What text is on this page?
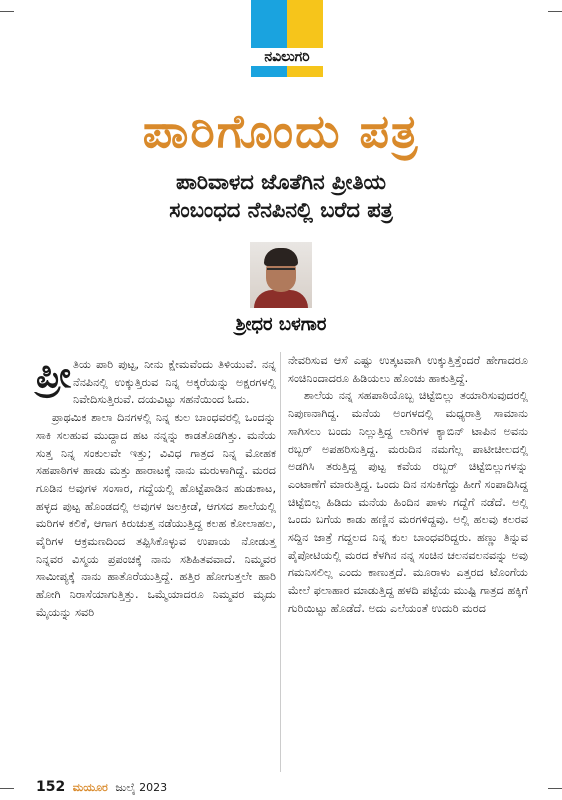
ನವಿಲುಗರಿ
ಪಾರಿಗೊಂದು ಪತ್ರ
ಪಾರಿವಾಳದ ಜೊತೆಗಿನ ಪ್ರೀತಿಯ
ಸಂಬಂಧದ ನೆನಪಿನಲ್ಲಿ ಬರೆದ ಪತ್ರ
ಶ್ರೀಧರ ಬಳಗಾರ

ಪ್ರೀ ತಿಯ ಪಾರಿ ಪುಟ್ಟ, ನೀನು ಕ್ಷೇಮವೆಂದು ತಿಳಿಯುವೆ. ನನ್ನ ನೆನಪಿನಲ್ಲಿ ಉಕ್ಕುತ್ತಿರುವ ನಿನ್ನ ಅಕ್ಕರೆಯನ್ನು ಅಕ್ಷರಗಳಲ್ಲಿ ನಿವೇದಿಸುತ್ತಿರುವೆ. ದಯವಿಟ್ಟು ಸಹನೆಯಿಂದ ಓದು.

ಪ್ರಾಥಮಿಕ ಶಾಲಾ ದಿನಗಳಲ್ಲಿ ನಿನ್ನ ಕುಲ ಬಾಂಧವರಲ್ಲಿ ಒಂದನ್ನು ಸಾಕಿ ಸಲಹುವ ಮುದ್ದಾದ ಹಟ ನನ್ನನ್ನು ಕಾಡತೊಡಗಿತ್ತು. ಮನೆಯ ಸುತ್ತ ನಿನ್ನ ಸಂಕುಲವೇ ಇತ್ತು; ವಿವಿಧ ಗಾತ್ರದ ನಿನ್ನ ಮೋಹಕ ಸಹಪಾಠಿಗಳ ಹಾಡು ಮತ್ತು ಹಾರಾಟಕ್ಕೆ ನಾನು ಮರುಳಾಗಿದ್ದೆ. ಮರದ ಗೂಡಿನ ಅವುಗಳ ಸಂಸಾರ, ಗದ್ದೆಯಲ್ಲಿ ಹೊಟ್ಟೆಪಾಡಿನ ಹುಡುಕಾಟ, ಹಳ್ಳದ ಪುಟ್ಟ ಹೊಂಡದಲ್ಲಿ ಅವುಗಳ ಜಲಕ್ರೀಡೆ, ಆಗಸದ ಶಾಲೆಯಲ್ಲಿ ಮರಿಗಳ ಕಲಿಕೆ, ಆಗಾಗ ಕಿರುಚುತ್ತ ನಡೆಯುತ್ತಿದ್ದ ಕಲಹ ಕೋಲಾಹಲ, ವೈರಿಗಳ ಆಕ್ರಮಣದಿಂದ ತಪ್ಪಿಸಿಕೊಳ್ಳುವ ಉಪಾಯ ನೋಡುತ್ತ ನಿನ್ನವರ ವಿಸ್ಮಯ ಪ್ರಪಂಚಕ್ಕೆ ನಾನು ಸಶಿಹಿತವವಾದೆ. ನಿಮ್ಮವರ ಸಾಮೀಪ್ಯಕ್ಕೆ ನಾನು ಹಾತೊರೆಯುತ್ತಿದ್ದೆ. ಹತ್ತಿರ ಹೋಗುತ್ತಲೇ ಹಾರಿ ಹೋಗಿ ನಿರಾಸೆಯಾಗುತ್ತಿತ್ತು. ಒಮ್ಮೆಯಾದರೂ ನಿಮ್ಮವರ ಮೃದು ಮೈಯನ್ನು ಸವರಿ

ನೇವರಿಸುವ ಆಸೆ ಎಷ್ಟು ಉತ್ಕಟವಾಗಿ ಉಕ್ಕುತ್ತಿತ್ತೆಂದರೆ ಹೇಗಾದರೂ ಸಂಚಿನಿಂದಾದರೂ ಹಿಡಿಯಲು ಹೊಂಚು ಹಾಕುತ್ತಿದ್ದೆ.

ಶಾಲೆಯ ನನ್ನ ಸಹಪಾಠಿಯೊಬ್ಬ ಚಿಟ್ಟೆಬಿಲ್ಲು ತಯಾರಿಸುವುದರಲ್ಲಿ ನಿಪುಣನಾಗಿದ್ದ. ಮನೆಯ ಅಂಗಳದಲ್ಲಿ ಮಧ್ಯರಾತ್ರಿ ಸಾಮಾನು ಸಾಗಿಸಲು ಬಂದು ನಿಲ್ಲುತ್ತಿದ್ದ ಲಾರಿಗಳ ಕ್ಯಾಬಿನ್ ಟಾಪಿನ ಅವನು ರಬ್ಬರ್ ಅಪಹರಿಸುತ್ತಿದ್ದ. ಮರುದಿನ ನಮಗೆಲ್ಲ ಪಾಟೀಚೀಲದಲ್ಲಿ ಅಡಗಿಸಿ ತರುತ್ತಿದ್ದ ಪುಟ್ಟ ಕವೆಯ ರಬ್ಬರ್ ಚಿಟ್ಟೆಬಿಲ್ಲುಗಳನ್ನು ಎಂಟಾಣೆಗೆ ಮಾರುತ್ತಿದ್ದ. ಒಂದು ದಿನ ನಸುಕಿಗೆದ್ದು ಹೀಗೆ ಸಂಪಾದಿಸಿದ್ದ ಚಿಟ್ಟೆಬಿಲ್ಲ ಹಿಡಿದು ಮನೆಯ ಹಿಂದಿನ ಪಾಳು ಗದ್ದೆಗೆ ನಡೆದೆ. ಅಲ್ಲಿ ಒಂದು ಬಗೆಯ ಕಾಡು ಹಣ್ಣಿನ ಮರಗಳಿದ್ದವು. ಅಲ್ಲಿ ಹಲವು ಕಲರವ ಸದ್ದಿನ ಜಾತ್ರೆ ಗದ್ದಲದ ನಿನ್ನ ಕುಲ ಬಾಂಧವರಿದ್ದರು. ಹಣ್ಣು ತಿನ್ನುವ ಪೈಪೋಟಿಯಲ್ಲಿ ಮರದ ಕೆಳಗಿನ ನನ್ನ ಸಂಚಿನ ಚಲನವಲನವನ್ನು ಅವು ಗಮನಿಸಲಿಲ್ಲ ಎಂದು ಕಾಣುತ್ತದೆ. ಮೂರಾಳು ಎತ್ತರದ ಟೊಂಗೆಯ ಮೇಲೆ ಫಲಾಹಾರ ಮಾಡುತ್ತಿದ್ದ ಹಳದಿ ಪಟ್ಟೆಯ ಮುಷ್ಟಿ ಗಾತ್ರದ ಹಕ್ಕಿಗೆ ಗುರಿಯಿಟ್ಟು ಹೊಡೆದೆ. ಅದು ಎಲೆಯಂತೆ ಉದುರಿ ಮರದ

152 ಮಯೂರ ಜುಲೈ 2023
